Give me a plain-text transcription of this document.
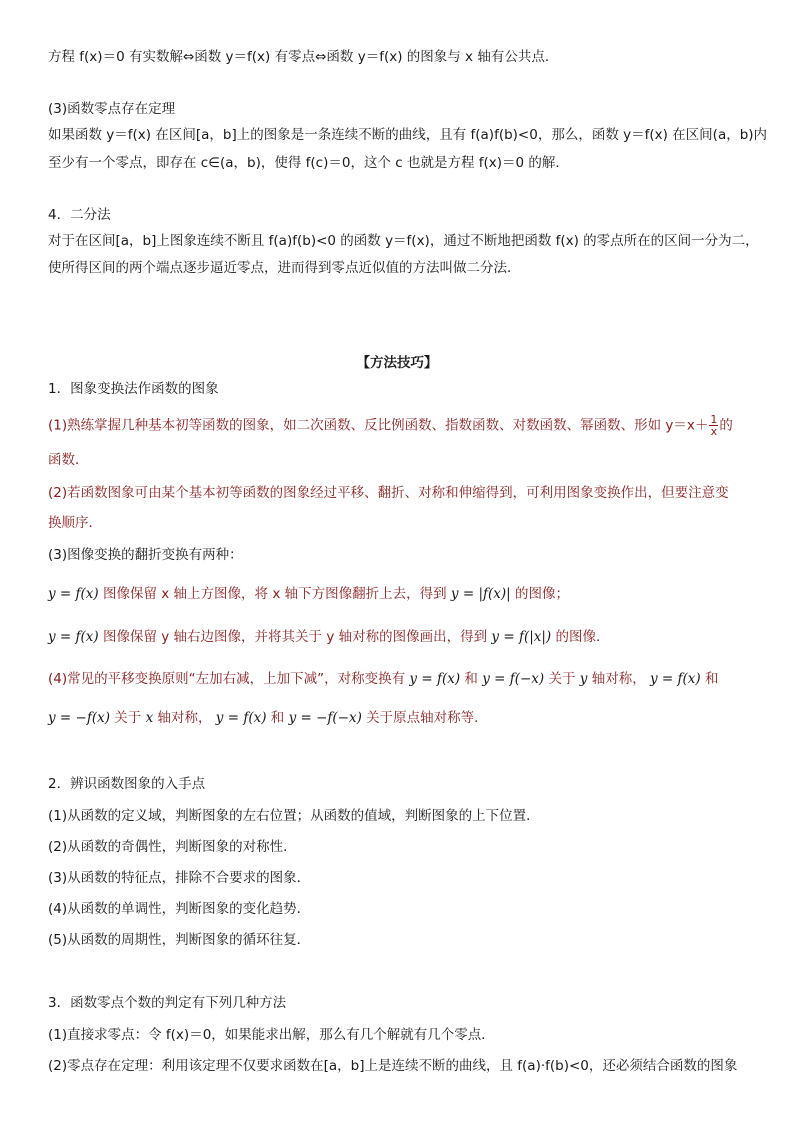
方程 f(x)＝0 有实数解⇔函数 y＝f(x) 有零点⇔函数 y＝f(x) 的图象与 x 轴有公共点．
(3)函数零点存在定理
如果函数 y＝f(x) 在区间[a，b]上的图象是一条连续不断的曲线，且有 f(a)f(b)<0，那么，函数 y＝f(x) 在区间(a，b)内
至少有一个零点，即存在 c∈(a，b)，使得 f(c)＝0，这个 c 也就是方程 f(x)＝0 的解．
4．二分法
对于在区间[a，b]上图象连续不断且 f(a)f(b)<0 的函数 y＝f(x)，通过不断地把函数 f(x) 的零点所在的区间一分为二，
使所得区间的两个端点逐步逼近零点，进而得到零点近似值的方法叫做二分法．
【方法技巧】
1．图象变换法作函数的图象
(1)熟练掌握几种基本初等函数的图象，如二次函数、反比例函数、指数函数、对数函数、幂函数、形如 $y=x+ \frac{1}{x}$ 的
函数．
(2)若函数图象可由某个基本初等函数的图象经过平移、翻折、对称和伸缩得到，可利用图象变换作出，但要注意变
换顺序．
(3)图像变换的翻折变换有两种：
y = f(x) 图像保留 x 轴上方图像，将 x 轴下方图像翻折上去，得到 y = |f(x)| 的图像；
y = f(x) 图像保留 y 轴右边图像，并将其关于 y 轴对称的图像画出，得到 y = f(|x|) 的图像．
(4)常见的平移变换原则“左加右减，上加下减”，对称变换有 y = f(x) 和 y = f(−x) 关于 y 轴对称， y = f(x) 和
y = −f(x) 关于 x 轴对称， y = f(x) 和 y = −f(−x) 关于原点轴对称等.
2．辨识函数图象的入手点
(1)从函数的定义域，判断图象的左右位置；从函数的值域，判断图象的上下位置．
(2)从函数的奇偶性，判断图象的对称性．
(3)从函数的特征点，排除不合要求的图象．
(4)从函数的单调性，判断图象的变化趋势．
(5)从函数的周期性，判断图象的循环往复．
3．函数零点个数的判定有下列几种方法
(1)直接求零点：令 f(x)＝0，如果能求出解，那么有几个解就有几个零点．
(2)零点存在定理：利用该定理不仅要求函数在[a，b]上是连续不断的曲线，且 f(a)·f(b)<0，还必须结合函数的图象
